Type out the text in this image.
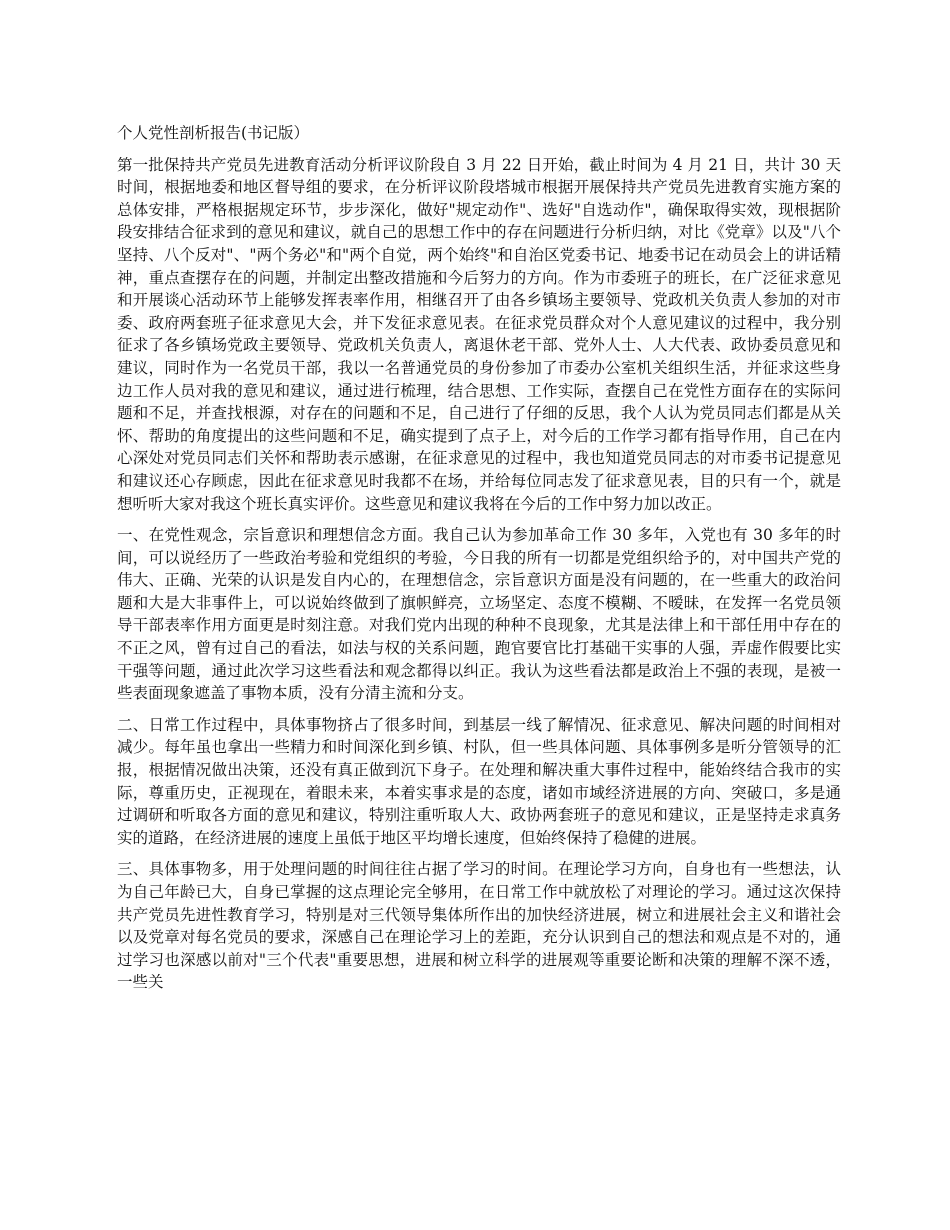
个人党性剖析报告(书记版）

第一批保持共产党员先进教育活动分析评议阶段自 3 月 22 日开始，截止时间为 4 月 21 日，共计 30 天时间，根据地委和地区督导组的要求，在分析评议阶段塔城市根据开展保持共产党员先进教育实施方案的总体安排，严格根据规定环节，步步深化，做好"规定动作"、选好"自选动作"，确保取得实效，现根据阶段安排结合征求到的意见和建议，就自己的思想工作中的存在问题进行分析归纳，对比《党章》以及"八个坚持、八个反对"、"两个务必"和"两个自觉，两个始终"和自治区党委书记、地委书记在动员会上的讲话精神，重点查摆存在的问题，并制定出整改措施和今后努力的方向。作为市委班子的班长，在广泛征求意见和开展谈心活动环节上能够发挥表率作用，相继召开了由各乡镇场主要领导、党政机关负责人参加的对市委、政府两套班子征求意见大会，并下发征求意见表。在征求党员群众对个人意见建议的过程中，我分别征求了各乡镇场党政主要领导、党政机关负责人，离退休老干部、党外人士、人大代表、政协委员意见和建议，同时作为一名党员干部，我以一名普通党员的身份参加了市委办公室机关组织生活，并征求这些身边工作人员对我的意见和建议，通过进行梳理，结合思想、工作实际，查摆自己在党性方面存在的实际问题和不足，并查找根源，对存在的问题和不足，自己进行了仔细的反思，我个人认为党员同志们都是从关怀、帮助的角度提出的这些问题和不足，确实提到了点子上，对今后的工作学习都有指导作用，自己在内心深处对党员同志们关怀和帮助表示感谢，在征求意见的过程中，我也知道党员同志的对市委书记提意见和建议还心存顾虑，因此在征求意见时我都不在场，并给每位同志发了征求意见表，目的只有一个，就是想听听大家对我这个班长真实评价。这些意见和建议我将在今后的工作中努力加以改正。

一、在党性观念，宗旨意识和理想信念方面。我自己认为参加革命工作 30 多年，入党也有 30 多年的时间，可以说经历了一些政治考验和党组织的考验，今日我的所有一切都是党组织给予的，对中国共产党的伟大、正确、光荣的认识是发自内心的，在理想信念，宗旨意识方面是没有问题的，在一些重大的政治问题和大是大非事件上，可以说始终做到了旗帜鲜亮，立场坚定、态度不模糊、不暧昧，在发挥一名党员领导干部表率作用方面更是时刻注意。对我们党内出现的种种不良现象，尤其是法律上和干部任用中存在的不正之风，曾有过自己的看法，如法与权的关系问题，跑官要官比打基础干实事的人强，弄虚作假要比实干强等问题，通过此次学习这些看法和观念都得以纠正。我认为这些看法都是政治上不强的表现，是被一些表面现象遮盖了事物本质，没有分清主流和分支。

二、日常工作过程中，具体事物挤占了很多时间，到基层一线了解情况、征求意见、解决问题的时间相对减少。每年虽也拿出一些精力和时间深化到乡镇、村队，但一些具体问题、具体事例多是听分管领导的汇报，根据情况做出决策，还没有真正做到沉下身子。在处理和解决重大事件过程中，能始终结合我市的实际，尊重历史，正视现在，着眼未来，本着实事求是的态度，诸如市域经济进展的方向、突破口，多是通过调研和听取各方面的意见和建议，特别注重听取人大、政协两套班子的意见和建议，正是坚持走求真务实的道路，在经济进展的速度上虽低于地区平均增长速度，但始终保持了稳健的进展。

三、具体事物多，用于处理问题的时间往往占据了学习的时间。在理论学习方向，自身也有一些想法，认为自己年龄已大，自身已掌握的这点理论完全够用，在日常工作中就放松了对理论的学习。通过这次保持共产党员先进性教育学习，特别是对三代领导集体所作出的加快经济进展，树立和进展社会主义和谐社会以及党章对每名党员的要求，深感自己在理论学习上的差距，充分认识到自己的想法和观点是不对的，通过学习也深感以前对"三个代表"重要思想，进展和树立科学的进展观等重要论断和决策的理解不深不透，一些关
